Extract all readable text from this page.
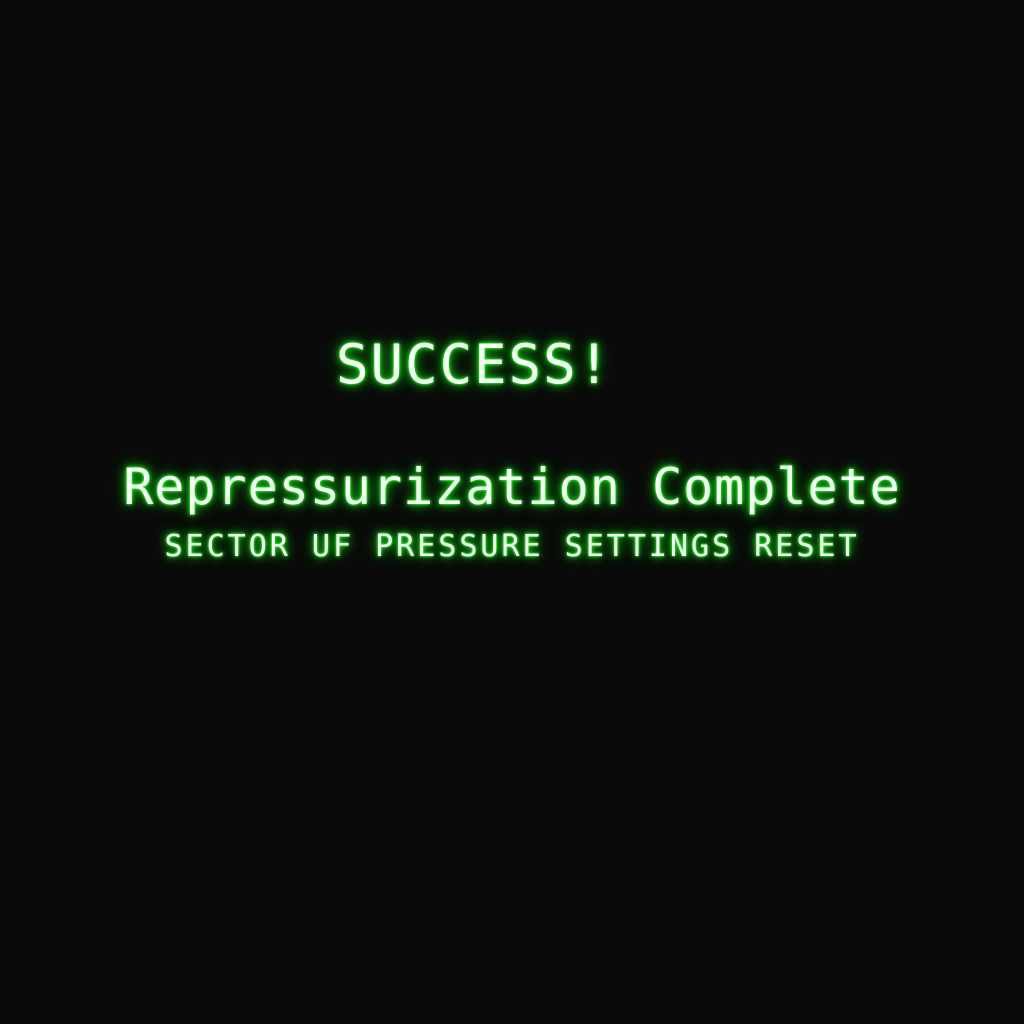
SUCCESS!
Repressurization Complete
SECTOR UF PRESSURE SETTINGS RESET
